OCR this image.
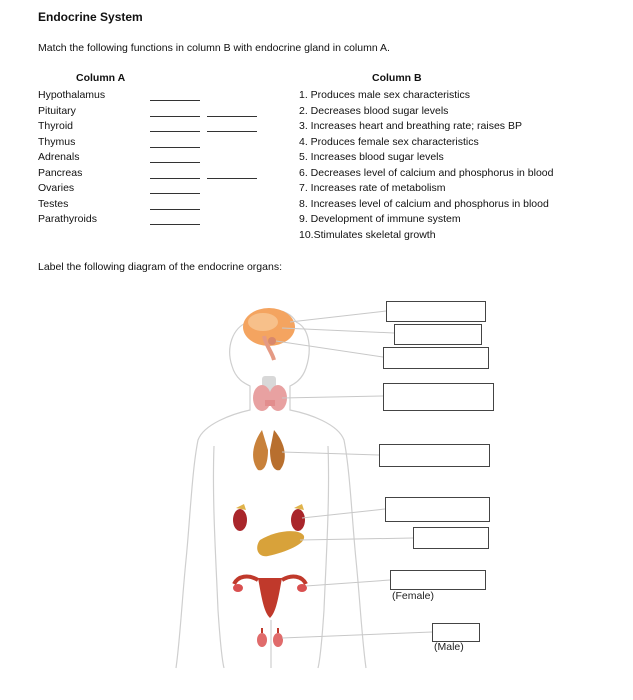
Endocrine System
Match the following functions in column B with endocrine gland in column A.
Column A	Column B
Hypothalamus
Pituitary
Thyroid
Thymus
Adrenals
Pancreas
Ovaries
Testes
Parathyroids
1. Produces male sex characteristics
2. Decreases blood sugar levels
3. Increases heart and breathing rate; raises BP
4. Produces female sex characteristics
5. Increases blood sugar levels
6. Decreases level of calcium and phosphorus in blood
7. Increases rate of metabolism
8. Increases level of calcium and phosphorus in blood
9. Development of immune system
10.Stimulates skeletal growth
Label the following diagram of the endocrine organs:
(Female)
(Male)
